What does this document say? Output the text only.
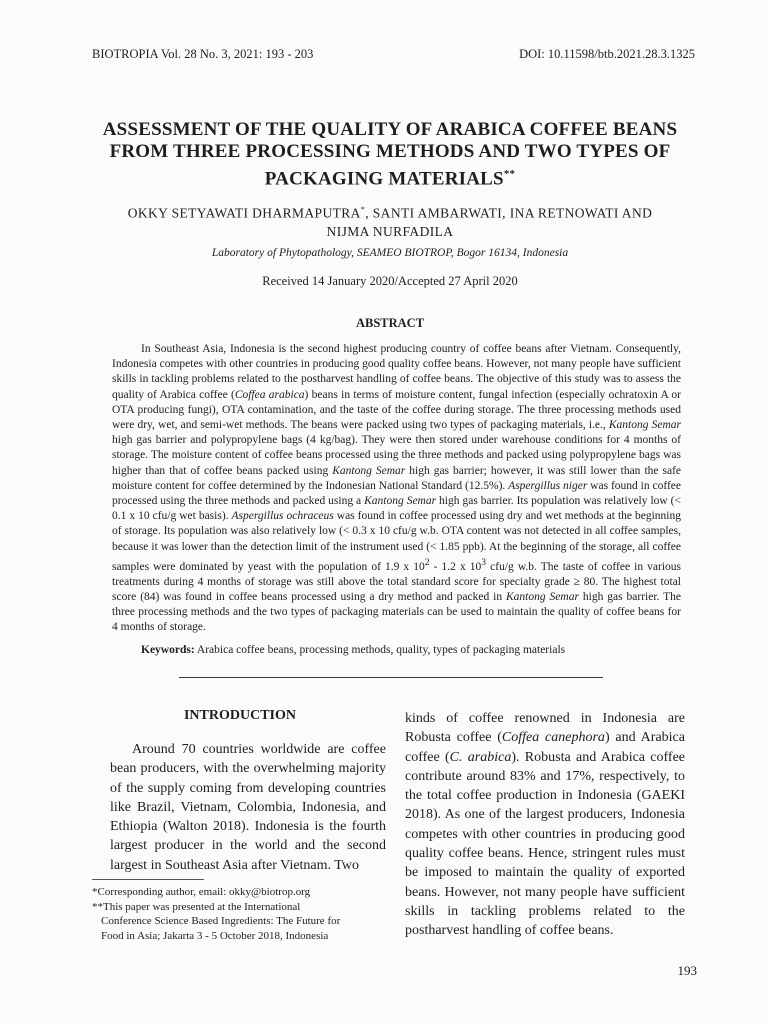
BIOTROPIA Vol. 28 No. 3, 2021: 193 - 203	DOI: 10.11598/btb.2021.28.3.1325
ASSESSMENT OF THE QUALITY OF ARABICA COFFEE BEANS FROM THREE PROCESSING METHODS AND TWO TYPES OF PACKAGING MATERIALS**
OKKY SETYAWATI DHARMAPUTRA*, SANTI AMBARWATI, INA RETNOWATI AND NIJMA NURFADILA
Laboratory of Phytopathology, SEAMEO BIOTROP, Bogor 16134, Indonesia
Received 14 January 2020/Accepted 27 April 2020
ABSTRACT
In Southeast Asia, Indonesia is the second highest producing country of coffee beans after Vietnam. Consequently, Indonesia competes with other countries in producing good quality coffee beans. However, not many people have sufficient skills in tackling problems related to the postharvest handling of coffee beans. The objective of this study was to assess the quality of Arabica coffee (Coffea arabica) beans in terms of moisture content, fungal infection (especially ochratoxin A or OTA producing fungi), OTA contamination, and the taste of the coffee during storage. The three processing methods used were dry, wet, and semi-wet methods. The beans were packed using two types of packaging materials, i.e., Kantong Semar high gas barrier and polypropylene bags (4 kg/bag). They were then stored under warehouse conditions for 4 months of storage. The moisture content of coffee beans processed using the three methods and packed using polypropylene bags was higher than that of coffee beans packed using Kantong Semar high gas barrier; however, it was still lower than the safe moisture content for coffee determined by the Indonesian National Standard (12.5%). Aspergillus niger was found in coffee processed using the three methods and packed using a Kantong Semar high gas barrier. Its population was relatively low (< 0.1 x 10 cfu/g wet basis). Aspergillus ochraceus was found in coffee processed using dry and wet methods at the beginning of storage. Its population was also relatively low (< 0.3 x 10 cfu/g w.b. OTA content was not detected in all coffee samples, because it was lower than the detection limit of the instrument used (< 1.85 ppb). At the beginning of the storage, all coffee samples were dominated by yeast with the population of 1.9 x $10^2 - 1.2$ x $10^3$ cfu/g w.b. The taste of coffee in various treatments during 4 months of storage was still above the total standard score for specialty grade ≥ 80. The highest total score (84) was found in coffee beans processed using a dry method and packed in Kantong Semar high gas barrier. The three processing methods and the two types of packaging materials can be used to maintain the quality of coffee beans for 4 months of storage.
Keywords: Arabica coffee beans, processing methods, quality, types of packaging materials
INTRODUCTION
Around 70 countries worldwide are coffee bean producers, with the overwhelming majority of the supply coming from developing countries like Brazil, Vietnam, Colombia, Indonesia, and Ethiopia (Walton 2018). Indonesia is the fourth largest producer in the world and the second largest in Southeast Asia after Vietnam. Two
kinds of coffee renowned in Indonesia are Robusta coffee (Coffea canephora) and Arabica coffee (C. arabica). Robusta and Arabica coffee contribute around 83% and 17%, respectively, to the total coffee production in Indonesia (GAEKI 2018). As one of the largest producers, Indonesia competes with other countries in producing good quality coffee beans. Hence, stringent rules must be imposed to maintain the quality of exported beans. However, not many people have sufficient skills in tackling problems related to the postharvest handling of coffee beans.
*Corresponding author, email: okky@biotrop.org
**This paper was presented at the International
Conference Science Based Ingredients: The Future for
Food in Asia; Jakarta 3 - 5 October 2018, Indonesia
193
